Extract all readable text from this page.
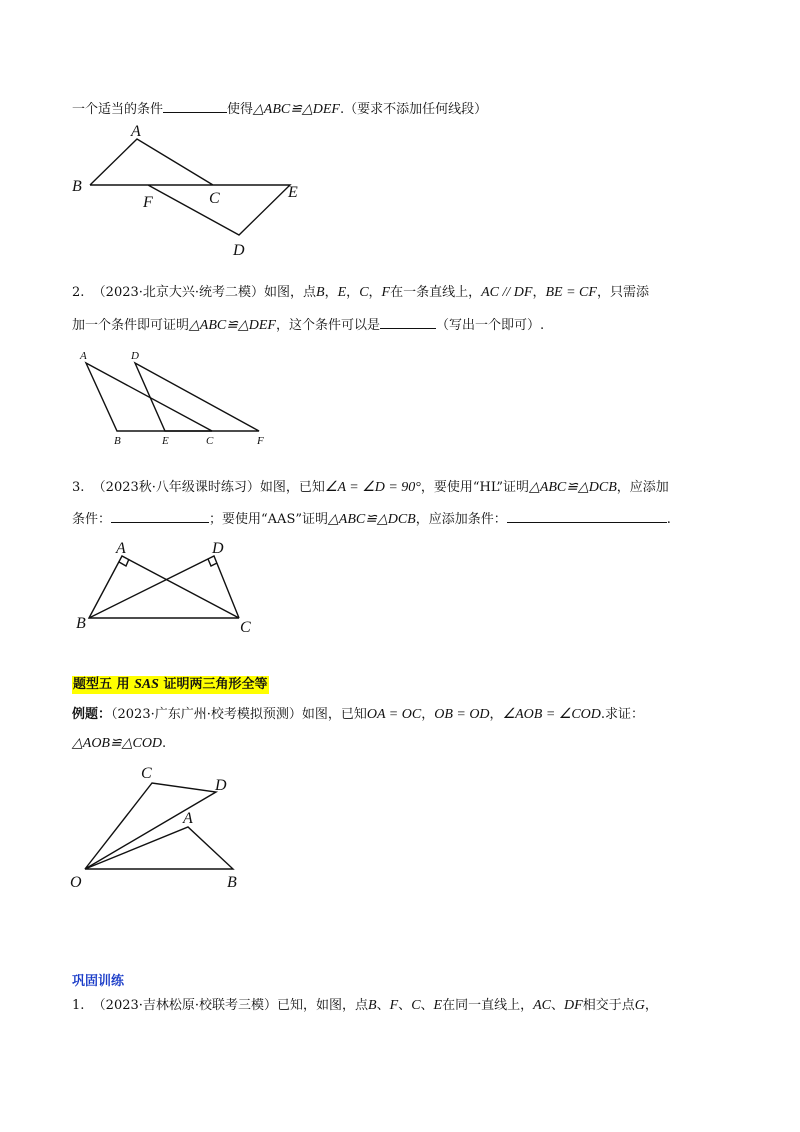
一个适当的条件	使得△ABC≌△DEF.（要求不添加任何线段）
A
B
C
D
E
F
2. （2023·北京大兴·统考二模）如图，点B，E，C，F在一条直线上，AC // DF，BE = CF，只需添
加一个条件即可证明△ABC≌△DEF，这个条件可以是	（写出一个即可）.
A	D
B	E	C	F
3. （2023秋·八年级课时练习）如图，已知∠A = ∠D = 90°，要使用“HL”证明△ABC≌△DCB，应添加
条件：	；要使用“AAS”证明△ABC≌△DCB，应添加条件：	.
A	D
B	C
题型五 用 SAS 证明两三角形全等
例题：（2023·广东广州·校考模拟预测）如图，已知OA = OC，OB = OD，∠AOB = ∠COD.求证：
△AOB≌△COD.
C
D
A
O	B
巩固训练
1. （2023·吉林松原·校联考三模）已知，如图，点B、F、C、E在同一直线上，AC、DF相交于点G，
